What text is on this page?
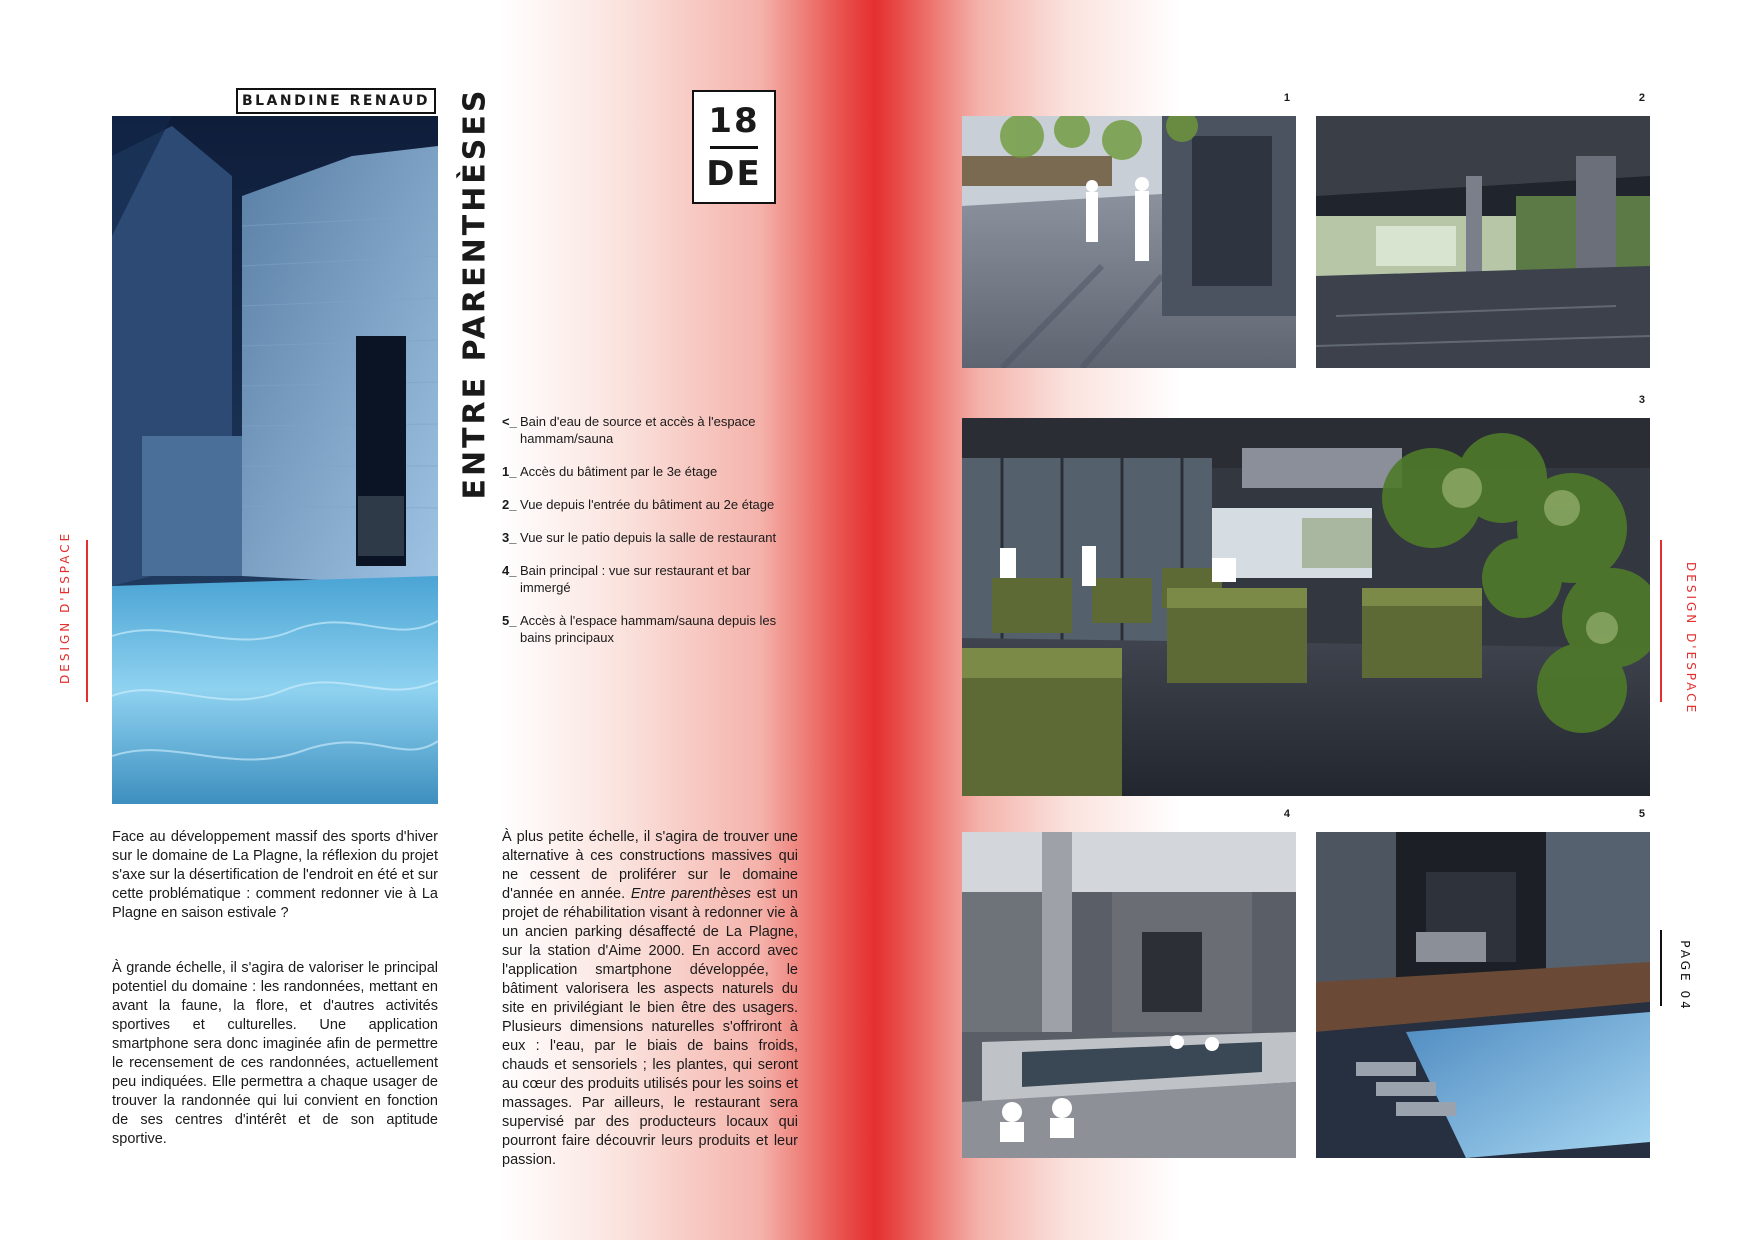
BLANDINE RENAUD ENTRE PARENTHÈSES	18
DE
<_ Bain d'eau de source et accès à l'espace hammam/sauna
1_ Accès du bâtiment par le 3e étage
2_ Vue depuis l'entrée du bâtiment au 2e étage
3_ Vue sur le patio depuis la salle de restaurant
4_ Bain principal : vue sur restaurant et bar immergé
5_ Accès à l'espace hammam/sauna depuis les bains principaux

Face au développement massif des sports d'hiver sur le domaine de La Plagne, la réflexion du projet s'axe sur la désertification de l'endroit en été et sur cette problématique : comment redonner vie à La Plagne en saison estivale ?

À grande échelle, il s'agira de valoriser le principal potentiel du domaine : les randonnées, mettant en avant la faune, la flore, et d'autres activités sportives et culturelles. Une application smartphone sera donc imaginée afin de permettre le recensement de ces randonnées, actuellement peu indiquées. Elle permettra a chaque usager de trouver la randonnée qui lui convient en fonction de ses centres d'intérêt et de son aptitude sportive.

À plus petite échelle, il s'agira de trouver une alternative à ces constructions massives qui ne cessent de proliférer sur le domaine d'année en année. Entre parenthèses est un projet de réhabilitation visant à redonner vie à un ancien parking désaffecté de La Plagne, sur la station d'Aime 2000. En accord avec l'application smartphone développée, le bâtiment valorisera les aspects naturels du site en privilégiant le bien être des usagers. Plusieurs dimensions naturelles s'offriront à eux : l'eau, par le biais de bains froids, chauds et sensoriels ; les plantes, qui seront au cœur des produits utilisés pour les soins et massages. Par ailleurs, le restaurant sera supervisé par des producteurs locaux qui pourront faire découvrir leurs produits et leur passion.

DESIGN D'ESPACE
1	2
3
4	5
DESIGN D'ESPACE
PAGE 04
